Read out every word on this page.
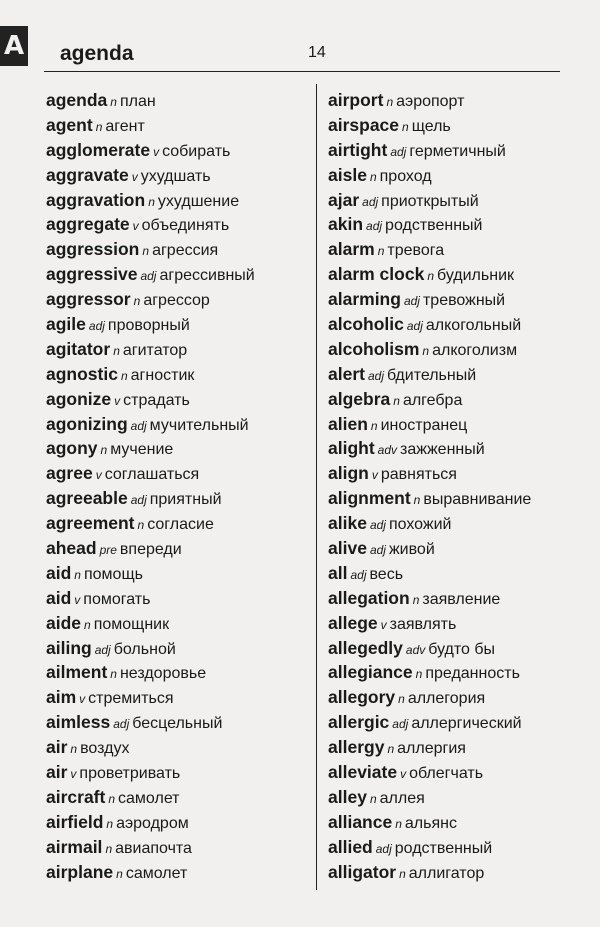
A agenda	14
agenda n план
agent n агент
agglomerate v собирать
aggravate v ухудшать
aggravation n ухудшение
aggregate v объединять
aggression n агрессия
aggressive adj агрессивный
aggressor n агрессор
agile adj проворный
agitator n агитатор
agnostic n агностик
agonize v страдать
agonizing adj мучительный
agony n мучение
agree v соглашаться
agreeable adj приятный
agreement n согласие
ahead pre впереди
aid n помощь
aid v помогать
aide n помощник
ailing adj больной
ailment n нездоровье
aim v стремиться
aimless adj бесцельный
air n воздух
air v проветривать
aircraft n самолет
airfield n аэродром
airmail n авиапочта
airplane n самолет
airport n аэропорт
airspace n щель
airtight adj герметичный
aisle n проход
ajar adj приоткрытый
akin adj родственный
alarm n тревога
alarm clock n будильник
alarming adj тревожный
alcoholic adj алкогольный
alcoholism n алкоголизм
alert adj бдительный
algebra n алгебра
alien n иностранец
alight adv зажженный
align v равняться
alignment n выравнивание
alike adj похожий
alive adj живой
all adj весь
allegation n заявление
allege v заявлять
allegedly adv будто бы
allegiance n преданность
allegory n аллегория
allergic adj аллергический
allergy n аллергия
alleviate v облегчать
alley n аллея
alliance n альянс
allied adj родственный
alligator n аллигатор
